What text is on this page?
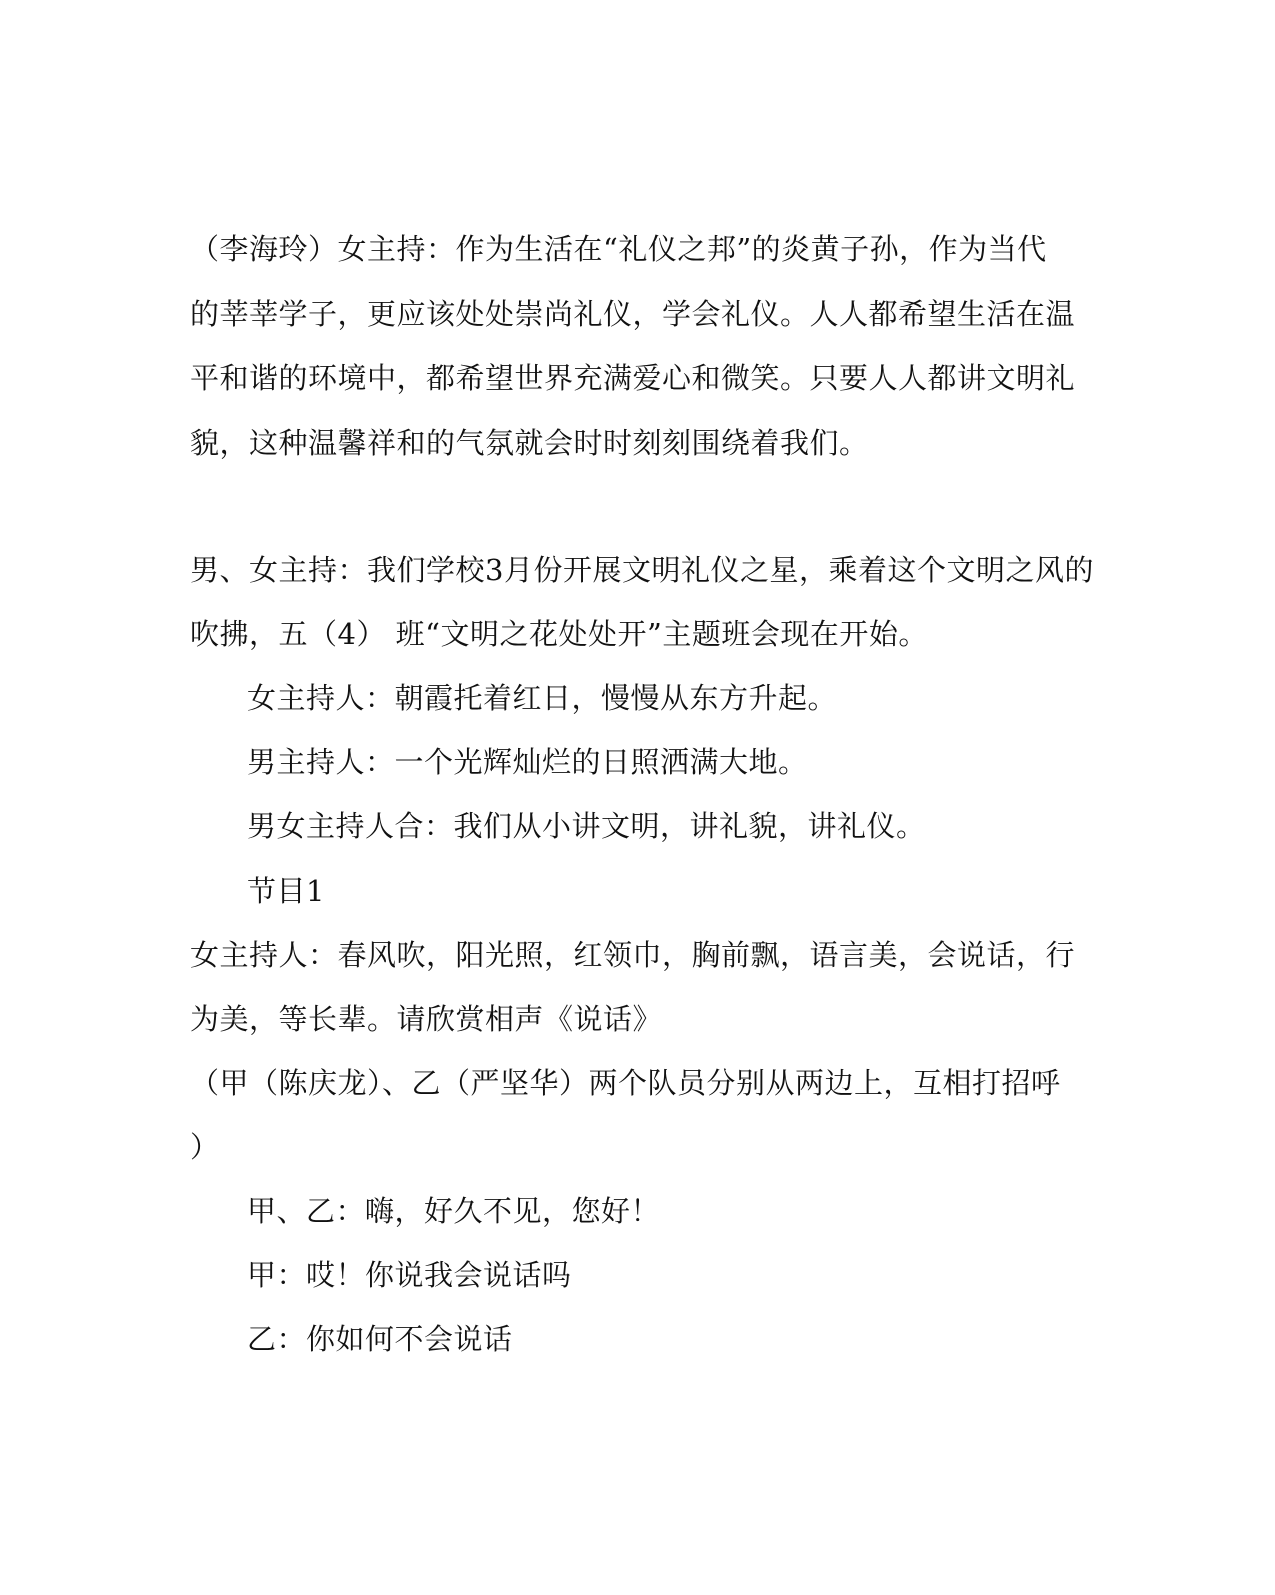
（李海玲）女主持：作为生活在“礼仪之邦”的炎黄子孙，作为当代
的莘莘学子，更应该处处崇尚礼仪，学会礼仪。人人都希望生活在温
平和谐的环境中，都希望世界充满爱心和微笑。只要人人都讲文明礼
貌，这种温馨祥和的气氛就会时时刻刻围绕着我们。
男、女主持：我们学校3月份开展文明礼仪之星，乘着这个文明之风的
吹拂，五（4） 班“文明之花处处开”主题班会现在开始。
女主持人：朝霞托着红日，慢慢从东方升起。
男主持人：一个光辉灿烂的日照洒满大地。
男女主持人合：我们从小讲文明，讲礼貌，讲礼仪。
节目1
女主持人：春风吹，阳光照，红领巾，胸前飘，语言美，会说话，行
为美，等长辈。请欣赏相声《说话》
（甲（陈庆龙）、乙（严坚华）两个队员分别从两边上，互相打招呼
）
甲、乙：嗨，好久不见，您好！
甲：哎！你说我会说话吗
乙：你如何不会说话
